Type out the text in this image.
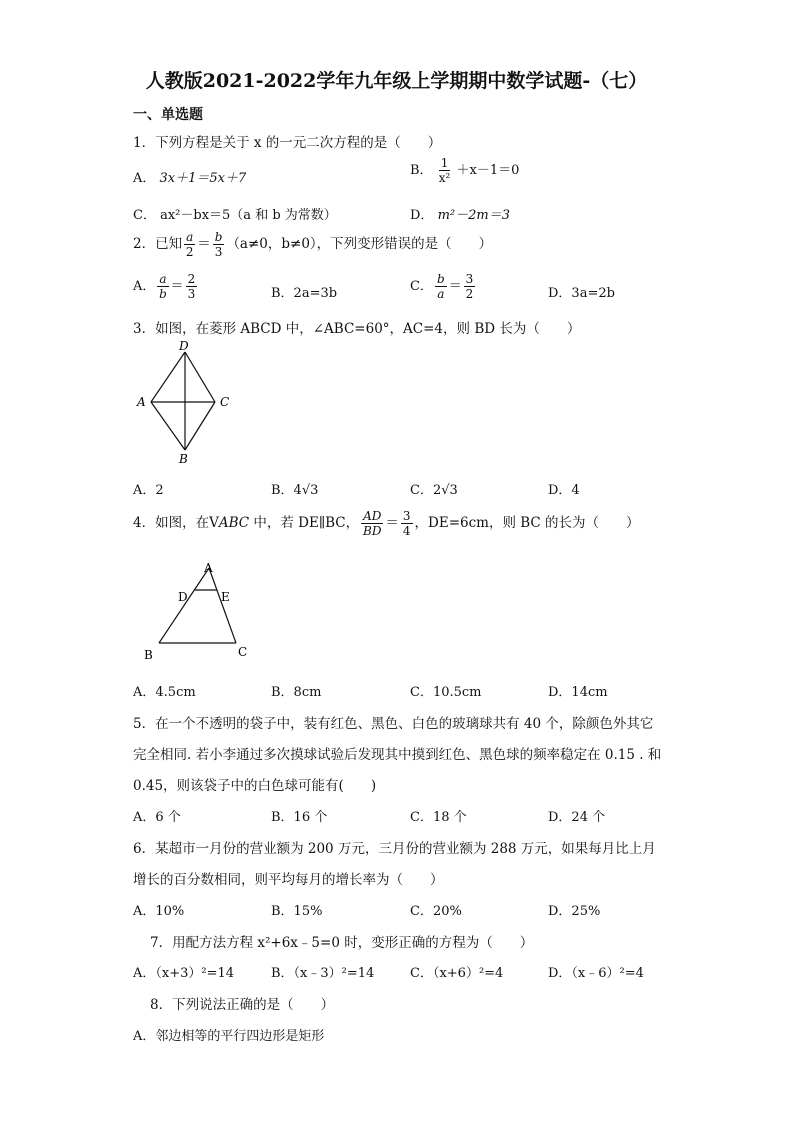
人教版2021-2022学年九年级上学期期中数学试题-（七）
一、单选题
1．下列方程是关于 x 的一元二次方程的是（　　）
A． 3x＋1＝5x＋7
B． $\frac{1}{\text{x²}} +x-1=0$
C． ax²－bx＝5（a 和 b 为常数）	D． m²－2m＝3
2．已知 $\frac{a}{2} = \frac{b}{3} (a\ne 0$，b≠0），下列变形错误的是（　　）
A． $\frac{a}{b} = \frac{2}{3}$	B．2a=3b	C． $\frac{b}{a} = \frac{3}{2}$	D．3a=2b
3．如图，在菱形 ABCD 中，∠ABC=60°，AC=4，则 BD 长为（　　）
D
A	C
B
A．2	B．4√3	C．2√3	D．4
4．如图，在VABC 中，若 DE∥BC， $\frac{AD}{BD} = \frac{3}{4}$ ，DE=6cm，则 BC 的长为（　　）
A
D	E
B	C
A．4.5cm	B．8cm	C．10.5cm	D．14cm
5．在一个不透明的袋子中，装有红色、黑色、白色的玻璃球共有 40 个，除颜色外其它
完全相同. 若小李通过多次摸球试验后发现其中摸到红色、黑色球的频率稳定在 0.15 . 和
0.45，则该袋子中的白色球可能有(　　)
A．6 个	B．16 个	C．18 个	D．24 个
6．某超市一月份的营业额为 200 万元，三月份的营业额为 288 万元，如果每月比上月
增长的百分数相同，则平均每月的增长率为（　　）
A．10%	B．15%	C．20%	D．25%
7．用配方法方程 x²+6x﹣5=0 时，变形正确的方程为（　　）
A．（x+3）²=14	B．（x﹣3）²=14	C．（x+6）²=4	D．（x﹣6）²=4
8．下列说法正确的是（　　）
A．邻边相等的平行四边形是矩形
